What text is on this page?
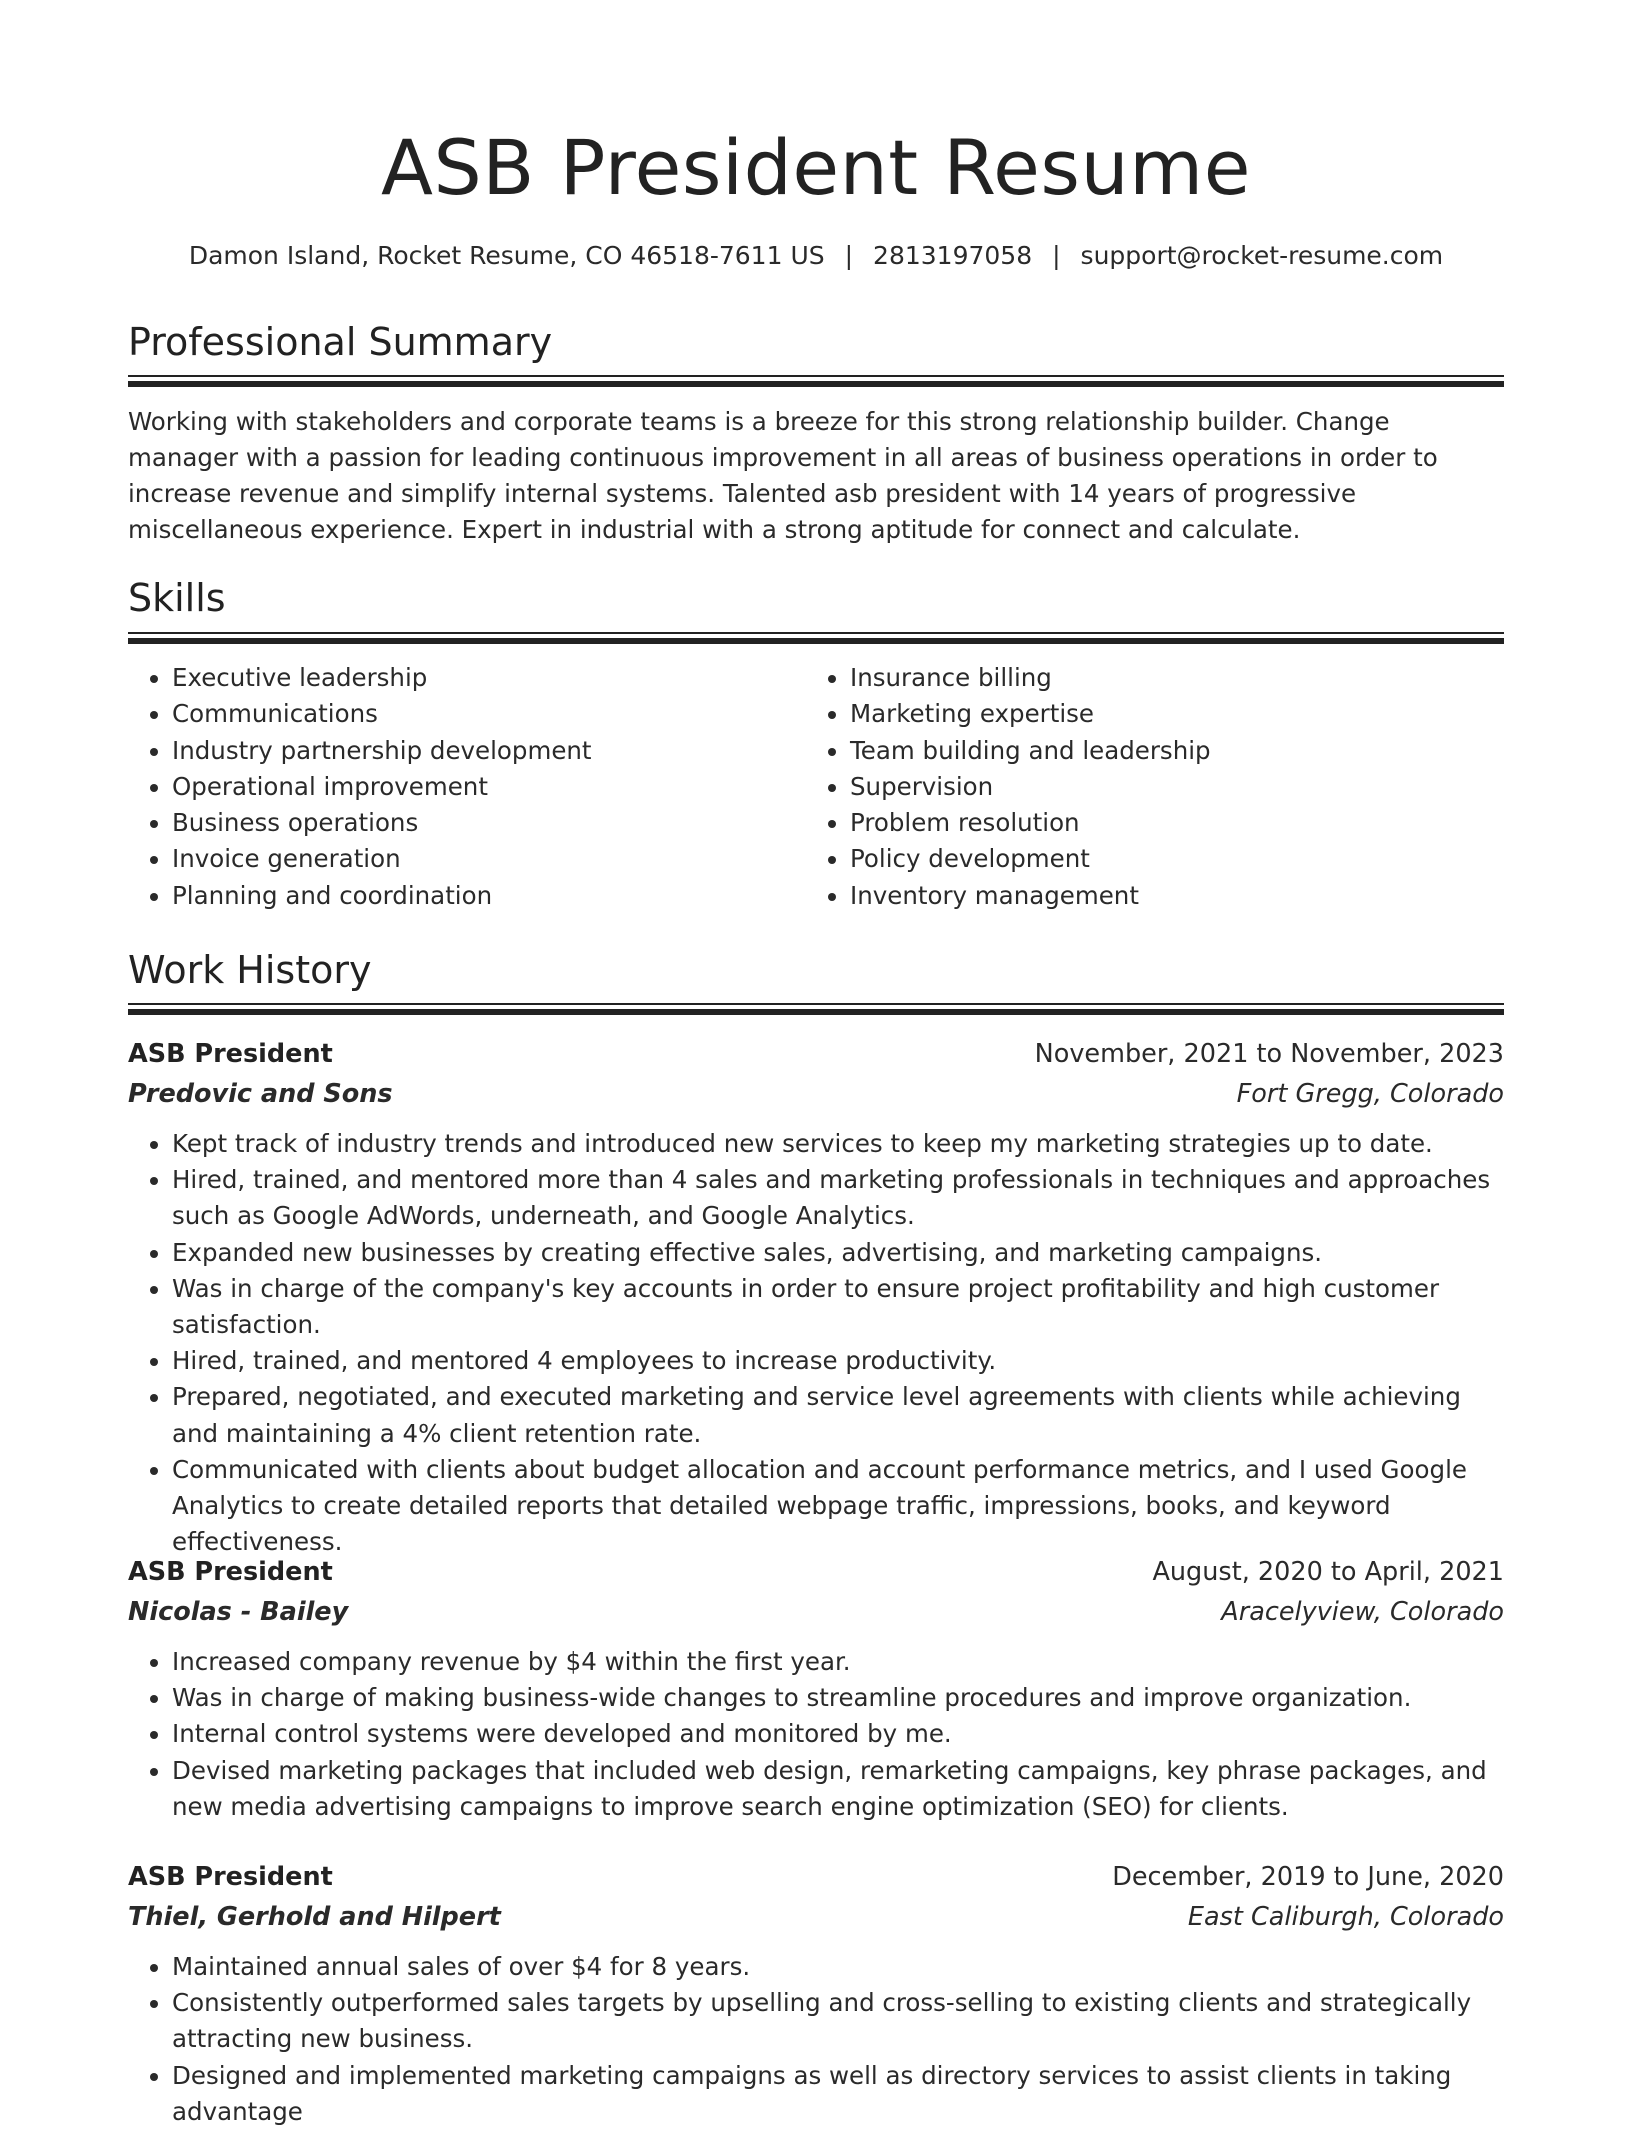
ASB President Resume
Damon Island, Rocket Resume, CO 46518-7611 US | 2813197058 | support@rocket-resume.com
Professional Summary

Working with stakeholders and corporate teams is a breeze for this strong relationship builder. Change manager with a passion for leading continuous improvement in all areas of business operations in order to increase revenue and simplify internal systems. Talented asb president with 14 years of progressive miscellaneous experience. Expert in industrial with a strong aptitude for connect and calculate.

Skills
• Executive leadership
• Communications
• Industry partnership development
• Operational improvement
• Business operations
• Invoice generation
• Planning and coordination
• Insurance billing
• Marketing expertise
• Team building and leadership
• Supervision
• Problem resolution
• Policy development
• Inventory management
Work History
ASB President	November, 2021 to November, 2023
Predovic and Sons	Fort Gregg, Colorado
• Kept track of industry trends and introduced new services to keep my marketing strategies up to date.
• Hired, trained, and mentored more than 4 sales and marketing professionals in techniques and approaches such as Google AdWords, underneath, and Google Analytics.
• Expanded new businesses by creating effective sales, advertising, and marketing campaigns.
• Was in charge of the company's key accounts in order to ensure project profitability and high customer satisfaction.
• Hired, trained, and mentored 4 employees to increase productivity.
• Prepared, negotiated, and executed marketing and service level agreements with clients while achieving and maintaining a 4% client retention rate.
• Communicated with clients about budget allocation and account performance metrics, and I used Google Analytics to create detailed reports that detailed webpage traffic, impressions, books, and keyword effectiveness.
ASB President	August, 2020 to April, 2021
Nicolas - Bailey	Aracelyview, Colorado
• Increased company revenue by $4 within the first year.
• Was in charge of making business-wide changes to streamline procedures and improve organization.
• Internal control systems were developed and monitored by me.
• Devised marketing packages that included web design, remarketing campaigns, key phrase packages, and new media advertising campaigns to improve search engine optimization (SEO) for clients.
ASB President	December, 2019 to June, 2020
Thiel, Gerhold and Hilpert	East Caliburgh, Colorado
• Maintained annual sales of over $4 for 8 years.
• Consistently outperformed sales targets by upselling and cross-selling to existing clients and strategically attracting new business.
• Designed and implemented marketing campaigns as well as directory services to assist clients in taking advantage
